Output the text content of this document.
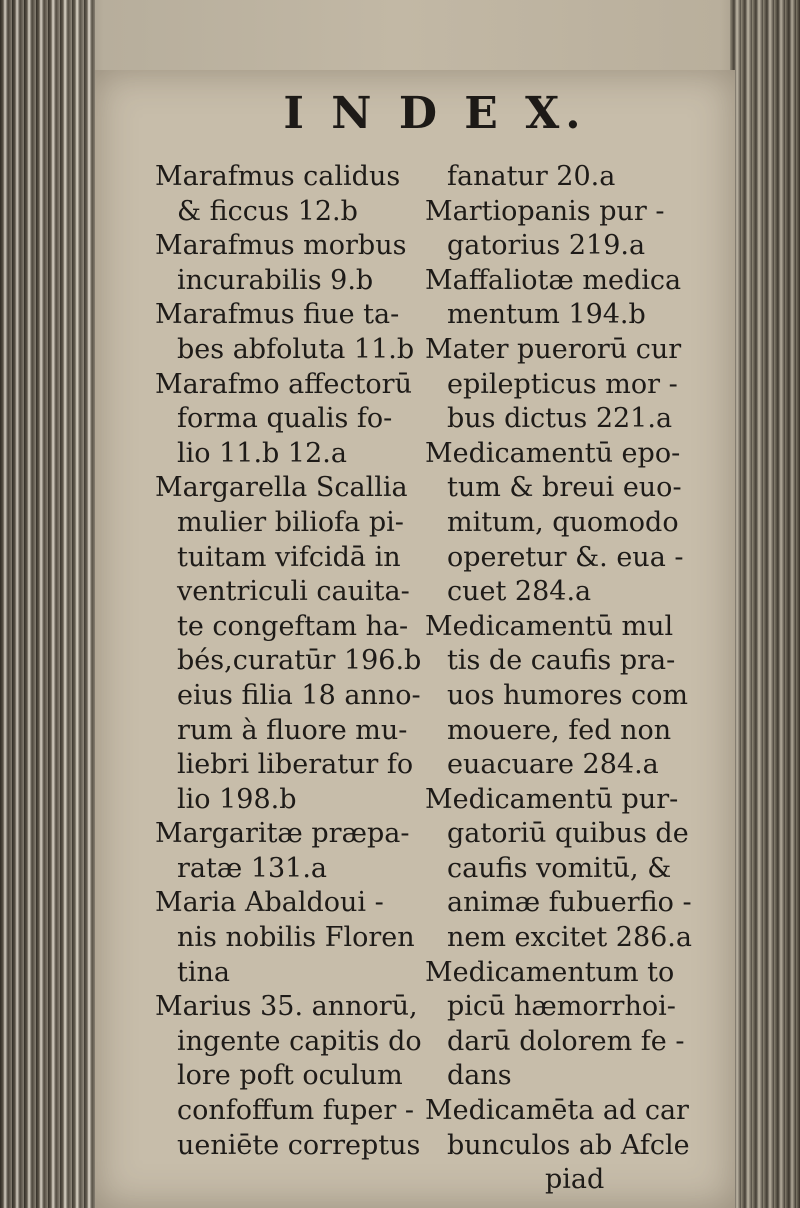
I N D E X.
Marafmus calidus
& ficcus 12.b
Marafmus morbus
incurabilis 9.b
Marafmus fiue ta-
bes abfoluta 11.b
Marafmo affectorū
forma qualis fo-
lio 11.b 12.a
Margarella Scallia
mulier biliofa pi-
tuitam vifcidā in
ventriculi cauita-
te congeftam ha-
bés,curatūr 196.b
eius filia 18 anno-
rum à fluore mu-
liebri liberatur fo
lio 198.b
Margaritæ præpa-
ratæ 131.a
Maria Abaldoui -
nis nobilis Floren
tina
Marius 35. annorū,
ingente capitis do
lore poft oculum
confoffum fuper -
ueniēte correptus
fanatur 20.a
Martiopanis pur -
gatorius 219.a
Maffaliotæ medica
mentum 194.b
Mater puerorū cur
epilepticus mor -
bus dictus 221.a
Medicamentū epo-
tum & breui euo-
mitum, quomodo
operetur &. eua -
cuet 284.a
Medicamentū mul
tis de caufis pra-
uos humores com
mouere, fed non
euacuare 284.a
Medicamentū pur-
gatoriū quibus de
caufis vomitū, &
animæ fubuerfio -
nem excitet 286.a
Medicamentum to
picū hæmorrhoi-
darū dolorem fe -
dans
Medicamēta ad car
bunculos ab Afcle
piad
